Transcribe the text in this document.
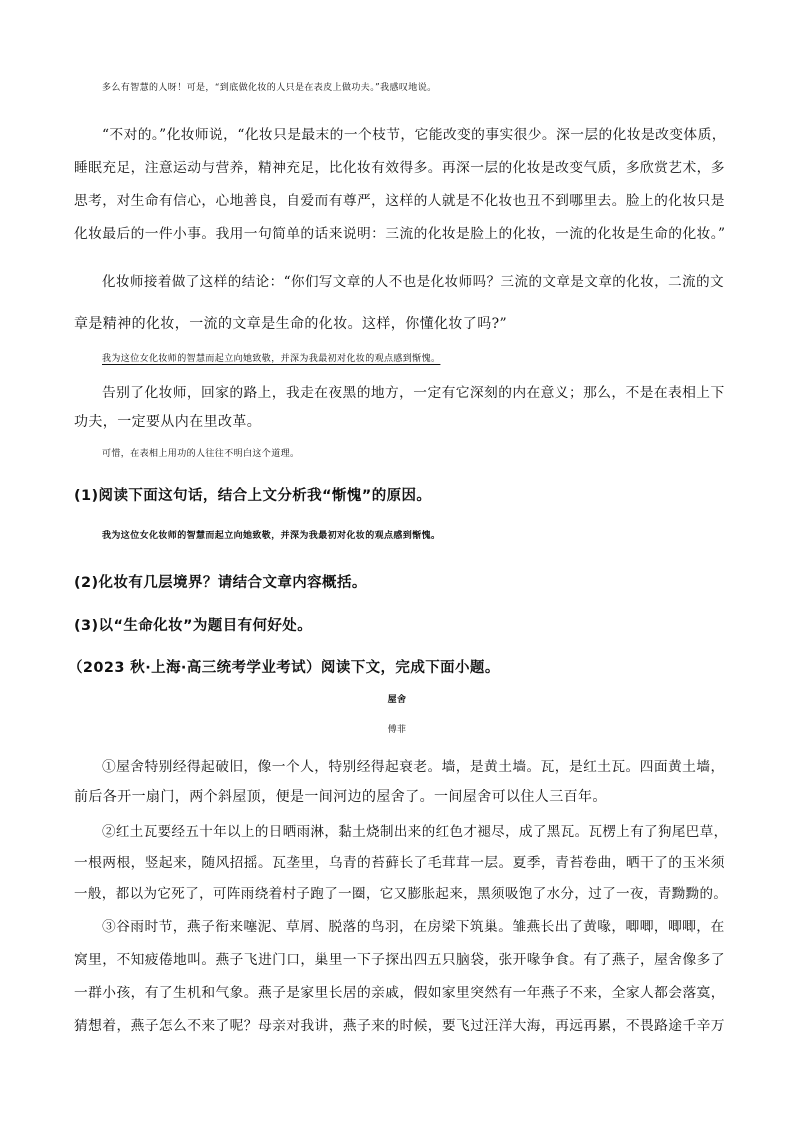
多么有智慧的人呀！可是，“到底做化妆的人只是在表皮上做功夫。”我感叹地说。
“不对的。”化妆师说，“化妆只是最末的一个枝节，它能改变的事实很少。深一层的化妆是改变体质，
睡眠充足，注意运动与营养，精神充足，比化妆有效得多。再深一层的化妆是改变气质，多欣赏艺术，多
思考，对生命有信心，心地善良，自爱而有尊严，这样的人就是不化妆也丑不到哪里去。脸上的化妆只是
化妆最后的一件小事。我用一句简单的话来说明：三流的化妆是脸上的化妆，一流的化妆是生命的化妆。”
化妆师接着做了这样的结论：“你们写文章的人不也是化妆师吗？三流的文章是文章的化妆，二流的文
章是精神的化妆，一流的文章是生命的化妆。这样，你懂化妆了吗?”
我为这位女化妆师的智慧而起立向她致敬，并深为我最初对化妆的观点感到惭愧。
告别了化妆师，回家的路上，我走在夜黑的地方，一定有它深刻的内在意义；那么，不是在表相上下
功夫，一定要从内在里改革。
可惜，在表相上用功的人往往不明白这个道理。
(1)阅读下面这句话，结合上文分析我“惭愧”的原因。
我为这位女化妆师的智慧而起立向她致敬，并深为我最初对化妆的观点感到惭愧。
(2)化妆有几层境界？请结合文章内容概括。
(3)以“生命化妆”为题目有何好处。
（2023 秋·上海·高三统考学业考试）阅读下文，完成下面小题。
屋舍
傅菲
①屋舍特别经得起破旧，像一个人，特别经得起衰老。墙，是黄土墙。瓦，是红土瓦。四面黄土墙，
前后各开一扇门，两个斜屋顶，便是一间河边的屋舍了。一间屋舍可以住人三百年。
②红土瓦要经五十年以上的日晒雨淋，黏土烧制出来的红色才褪尽，成了黑瓦。瓦楞上有了狗尾巴草，
一根两根，竖起来，随风招摇。瓦垄里，乌青的苔藓长了毛茸茸一层。夏季，青苔卷曲，晒干了的玉米须
一般，都以为它死了，可阵雨绕着村子跑了一圈，它又膨胀起来，黑须吸饱了水分，过了一夜，青黝黝的。
③谷雨时节，燕子衔来噻泥、草屑、脱落的鸟羽，在房梁下筑巢。雏燕长出了黄喙，唧唧，唧唧，在
窝里，不知疲倦地叫。燕子飞进门口，巢里一下子探出四五只脑袋，张开喙争食。有了燕子，屋舍像多了
一群小孩，有了生机和气象。燕子是家里长居的亲戚，假如家里突然有一年燕子不来，全家人都会落寞，
猜想着，燕子怎么不来了呢？母亲对我讲，燕子来的时候，要飞过汪洋大海，再远再累，不畏路途千辛万
